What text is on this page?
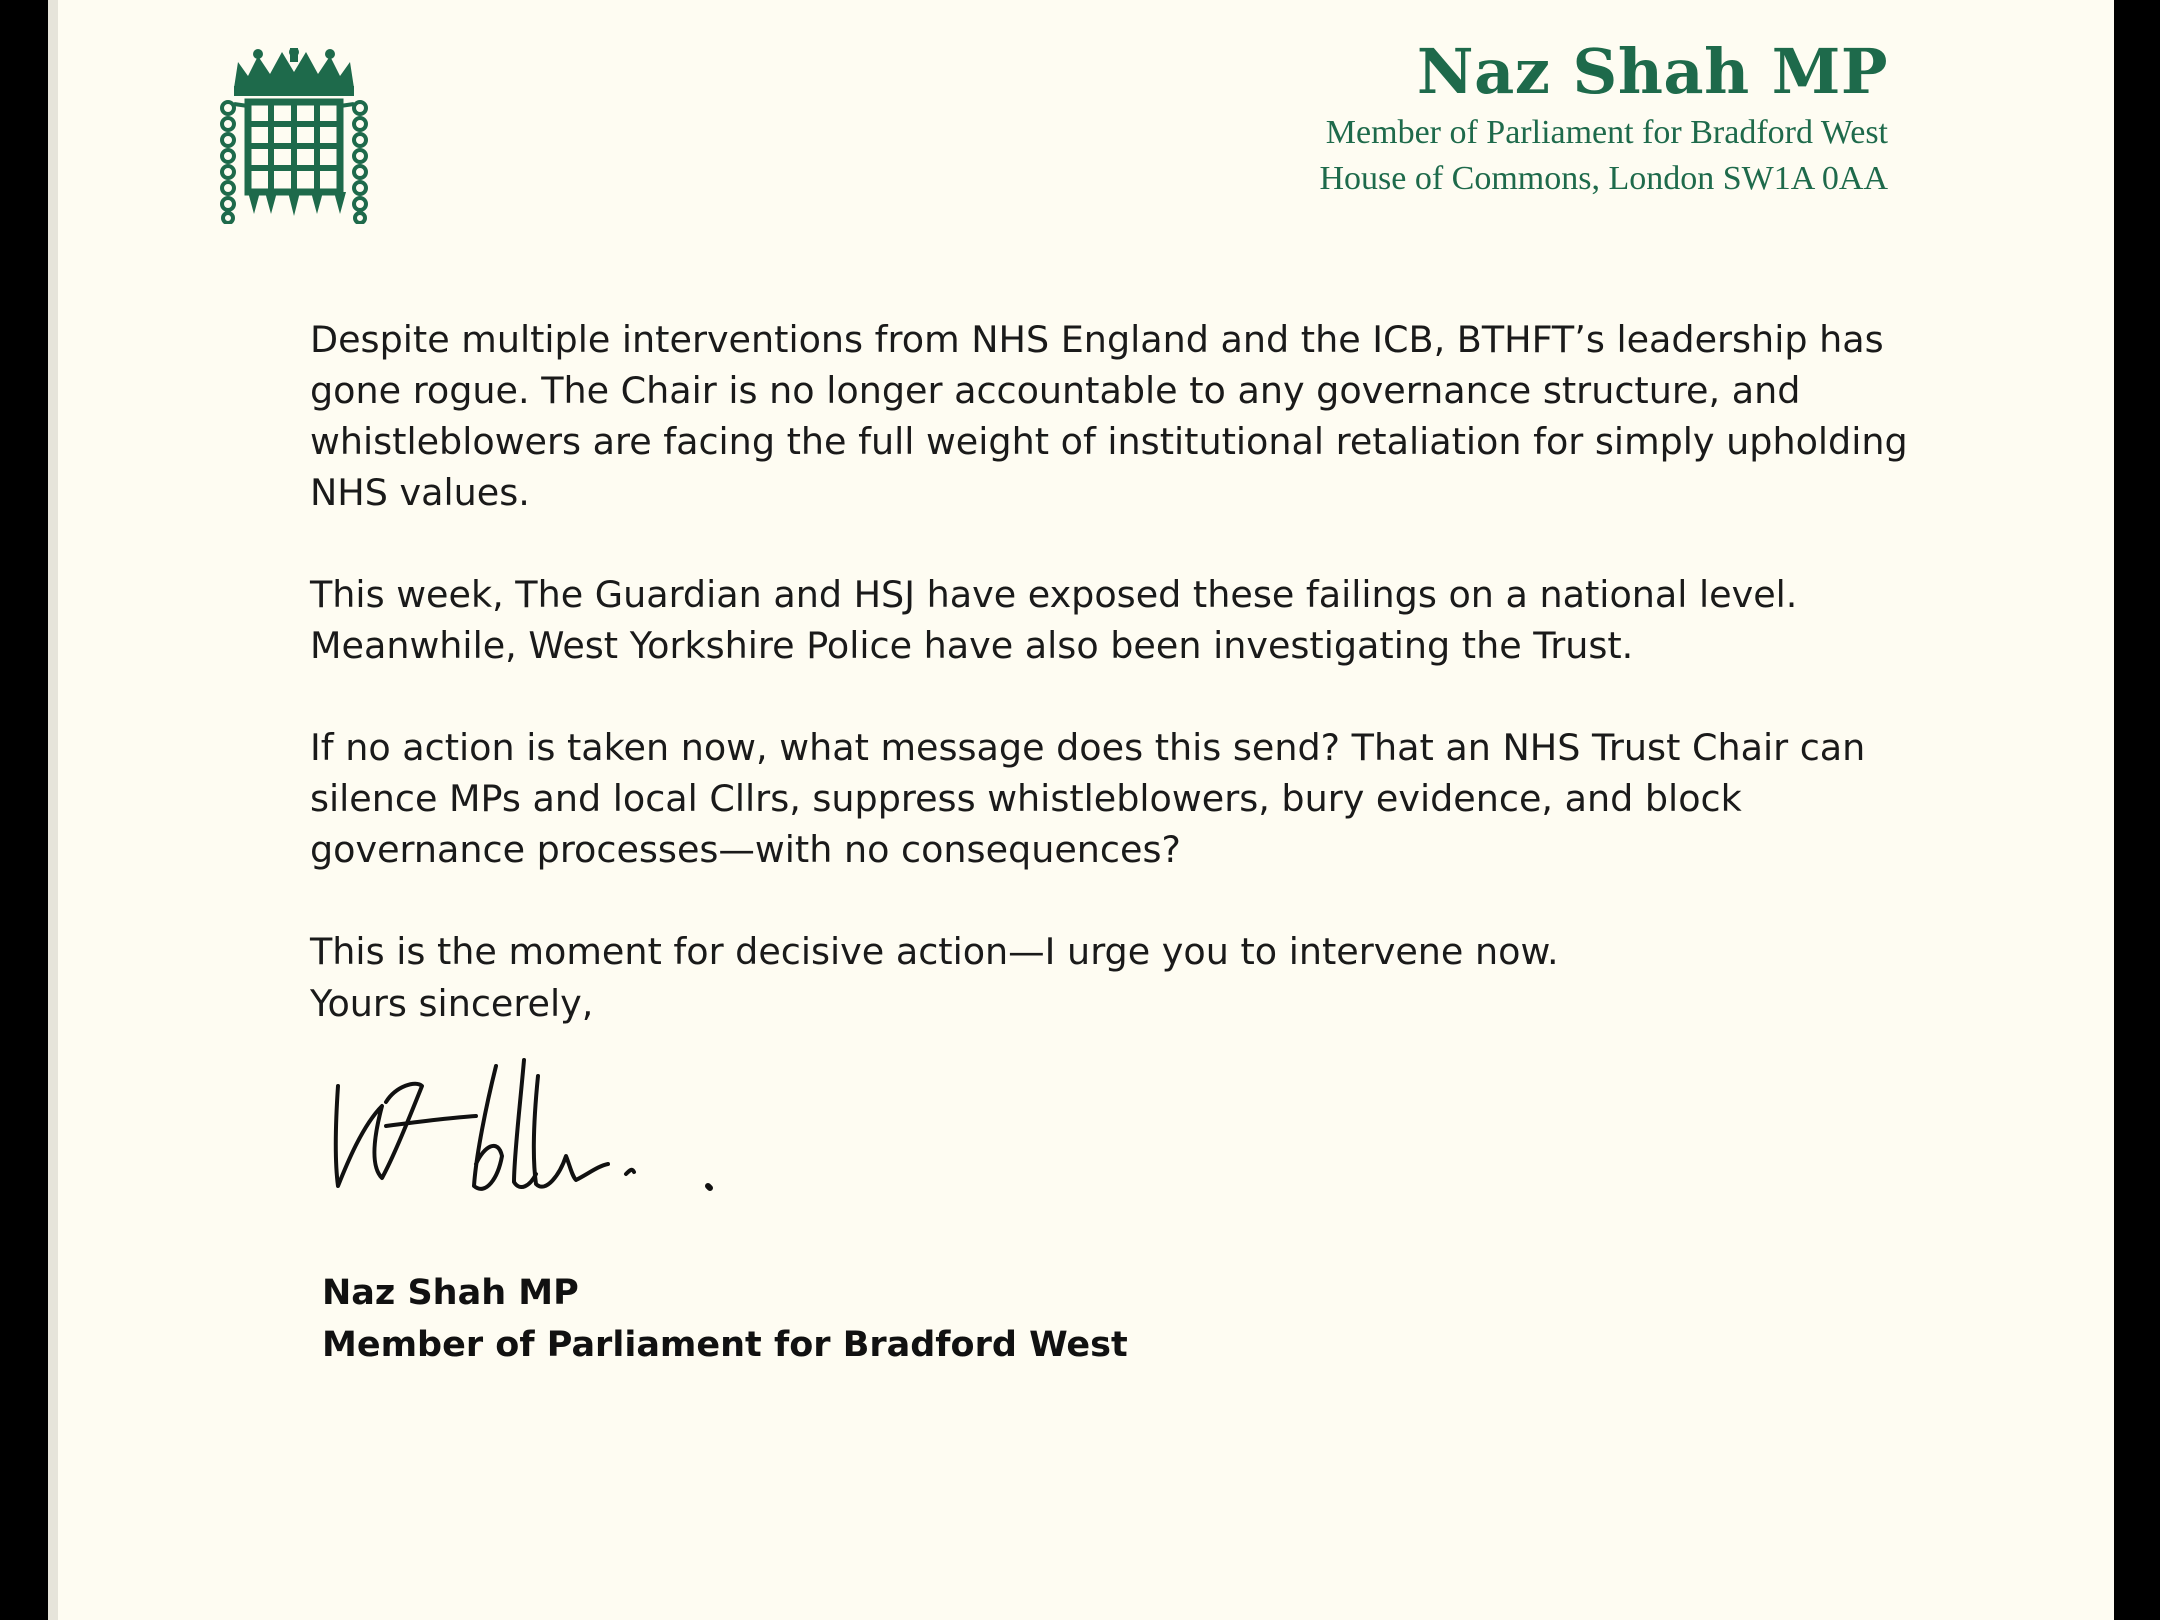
Naz Shah MP
Member of Parliament for Bradford West
House of Commons, London SW1A 0AA

Despite multiple interventions from NHS England and the ICB, BTHFT’s leadership has gone rogue. The Chair is no longer accountable to any governance structure, and whistleblowers are facing the full weight of institutional retaliation for simply upholding NHS values.

This week, The Guardian and HSJ have exposed these failings on a national level. Meanwhile, West Yorkshire Police have also been investigating the Trust.

If no action is taken now, what message does this send? That an NHS Trust Chair can silence MPs and local Cllrs, suppress whistleblowers, bury evidence, and block governance processes—with no consequences?

This is the moment for decisive action—I urge you to intervene now.

Yours sincerely,
Naz Shah MP
Member of Parliament for Bradford West
